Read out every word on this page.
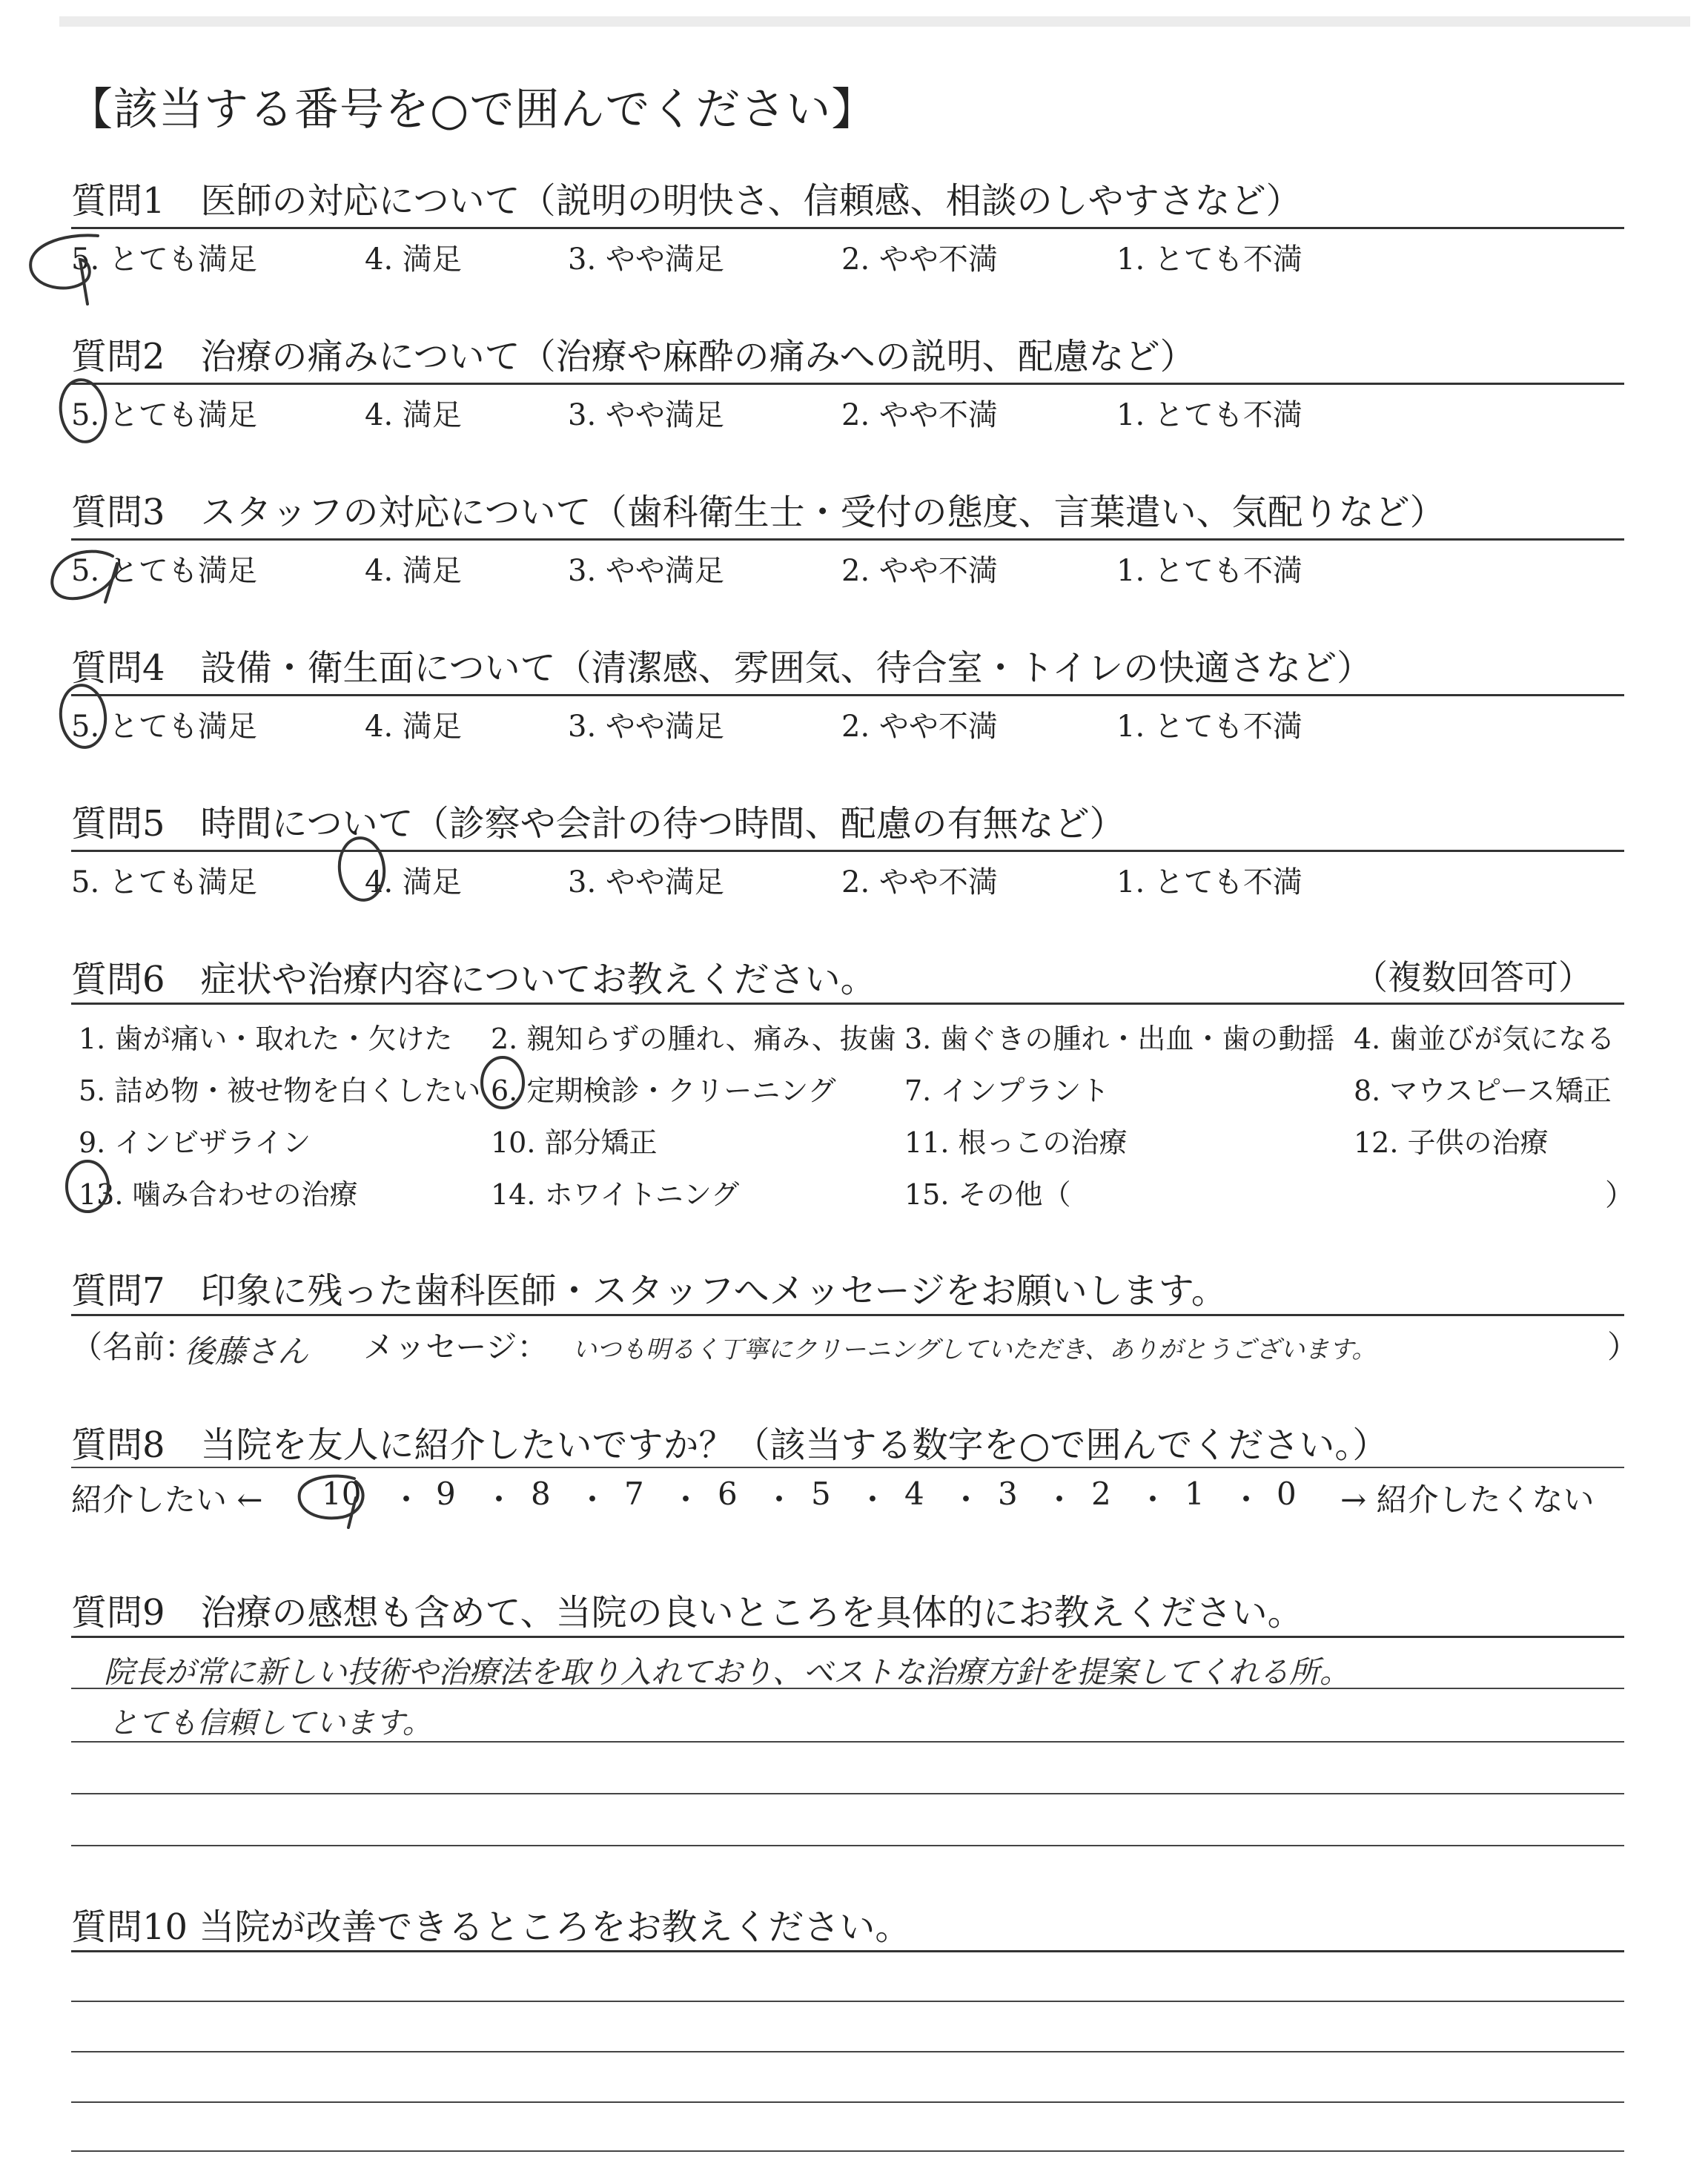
【該当する番号を○で囲んでください】
質問1　医師の対応について（説明の明快さ、信頼感、相談のしやすさなど）
5. とても満足	4. 満足	3. やや満足	2. やや不満	1. とても不満
質問2　治療の痛みについて（治療や麻酔の痛みへの説明、配慮など）
5. とても満足	4. 満足	3. やや満足	2. やや不満	1. とても不満
質問3　スタッフの対応について（歯科衛生士・受付の態度、言葉遣い、気配りなど）
5. とても満足	4. 満足	3. やや満足	2. やや不満	1. とても不満
質問4　設備・衛生面について（清潔感、雰囲気、待合室・トイレの快適さなど）
5. とても満足	4. 満足	3. やや満足	2. やや不満	1. とても不満
質問5　時間について（診察や会計の待つ時間、配慮の有無など）
5. とても満足	4. 満足	3. やや満足	2. やや不満	1. とても不満
質問6　症状や治療内容についてお教えください。	（複数回答可）
1. 歯が痛い・取れた・欠けた 2. 親知らずの腫れ、痛み、抜歯 3. 歯ぐきの腫れ・出血・歯の動揺 4. 歯並びが気になる
5. 詰め物・被せ物を白くしたい 6. 定期検診・クリーニング 7. インプラント	8. マウスピース矯正
9. インビザライン	10. 部分矯正	11. 根っこの治療	12. 子供の治療
13. 噛み合わせの治療	14. ホワイトニング	15. その他（	）
質問7　印象に残った歯科医師・スタッフへメッセージをお願いします。
（名前：
後藤さん メッセージ： いつも明るく丁寧にクリーニングしていただき、ありがとうございます。	）
質問8　当院を友人に紹介したいですか？（該当する数字を○で囲んでください。）
紹介したい ← 10 ・ 9 ・ 8 ・ 7 ・ 6 ・ 5 ・ 4 ・ 3 ・ 2 ・ 1 ・ 0 → 紹介したくない
質問9　治療の感想も含めて、当院の良いところを具体的にお教えください。
院長が常に新しい技術や治療法を取り入れており、ベストな治療方針を提案してくれる所。
とても信頼しています。
質問10 当院が改善できるところをお教えください。
